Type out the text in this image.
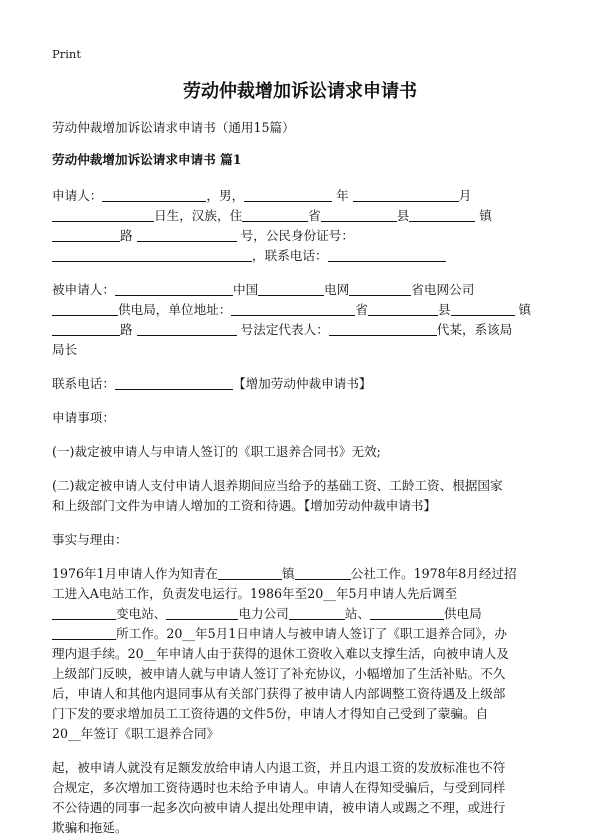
Print
劳动仲裁增加诉讼请求申请书

劳动仲裁增加诉讼请求申请书（通用15篇）

劳动仲裁增加诉讼请求申请书 篇1

申请人：	，男，	年	月

日生，汉族，住	省	县	镇

路	号，公民身份证号：

，联系电话：

被申请人：	中国	电网	省电网公司

供电局，单位地址：	省	县	镇

路	号法定代表人：	代某，系该局

局长

联系电话：	【增加劳动仲裁申请书】

申请事项：

(一)裁定被申请人与申请人签订的《职工退养合同书》无效;

(二)裁定被申请人支付申请人退养期间应当给予的基础工资、工龄工资、根据国家

和上级部门文件为申请人增加的工资和待遇。【增加劳动仲裁申请书】

事实与理由：

1976年1月申请人作为知青在	镇	公社工作。1978年8月经过招

工进入A电站工作，负责发电运行。1986年至20__年5月申请人先后调至

变电站、	电力公司	站、	供电局

所工作。20__年5月1日申请人与被申请人签订了《职工退养合同》，办

理内退手续。20__年申请人由于获得的退休工资收入难以支撑生活，向被申请人及

上级部门反映，被申请人就与申请人签订了补充协议，小幅增加了生活补贴。不久

后，申请人和其他内退同事从有关部门获得了被申请人内部调整工资待遇及上级部

门下发的要求增加员工工资待遇的文件5份，申请人才得知自己受到了蒙骗。自

20__年签订《职工退养合同》

起，被申请人就没有足额发放给申请人内退工资，并且内退工资的发放标准也不符

合规定，多次增加工资待遇时也未给予申请人。申请人在得知受骗后，与受到同样

不公待遇的同事一起多次向被申请人提出处理申请，被申请人或踢之不理，或进行

欺骗和拖延。
